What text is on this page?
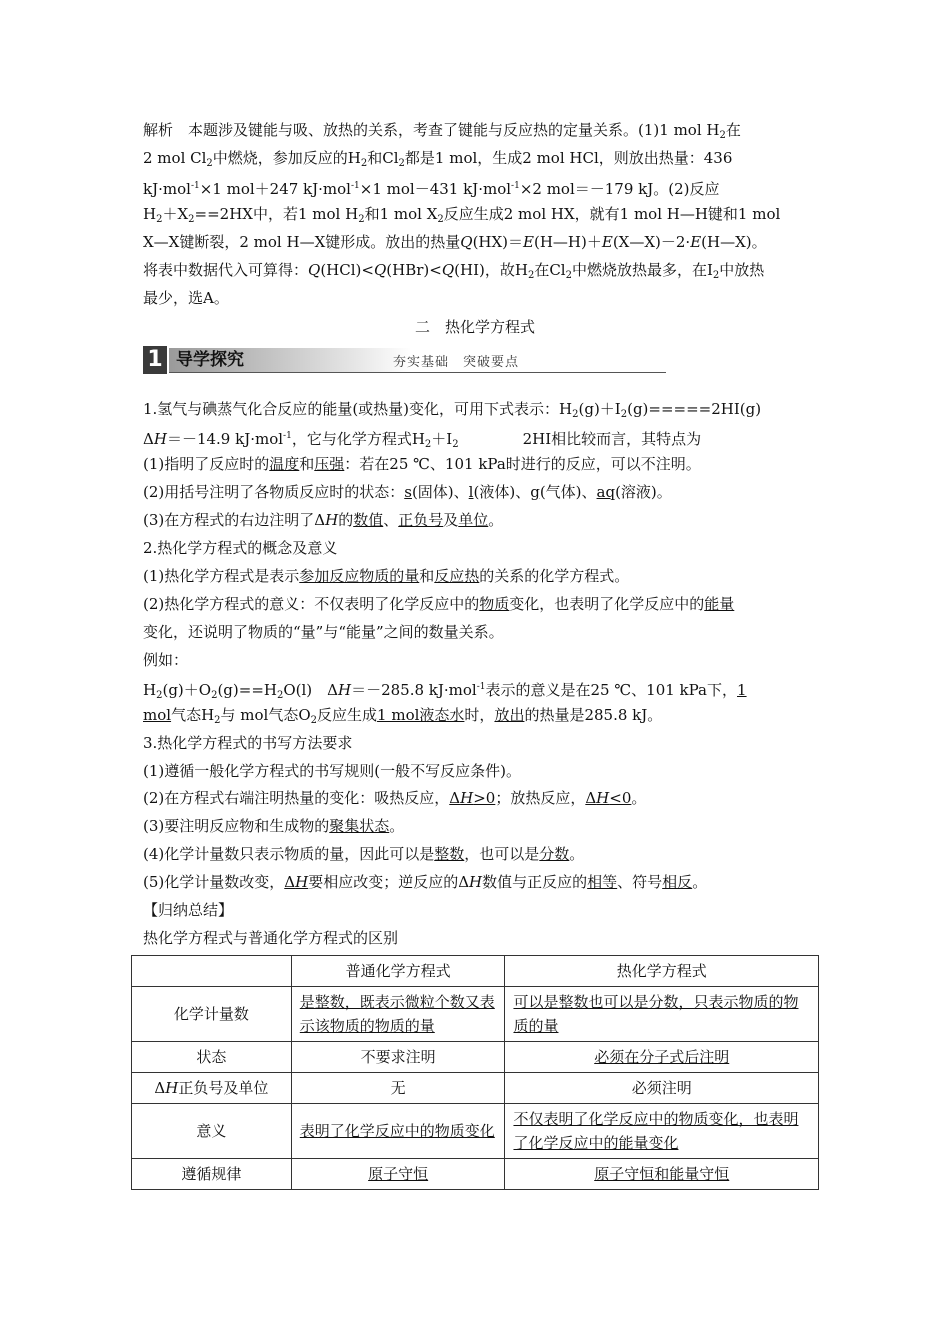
解析　本题涉及键能与吸、放热的关系，考查了键能与反应热的定量关系。(1)1 mol $H_2$在
2 mol $Cl_2$中燃烧，参加反应的$H_2$和$Cl_2$都是1 mol，生成2 mol HCl，则放出热量：436
kJ·mol$^{-1}$×1 mol＋247 kJ·mol$^{-1}$×1 mol－431 kJ·mol$^{-1}$×2 mol＝－179 kJ。(2)反应
$H_2+X_2==2HX$中，若1 mol $H_2$和1 mol $X_2$反应生成2 mol HX，就有1 mol H—H键和1 mol
X—X键断裂，2 mol H—X键形成。放出的热量Q(HX)＝E(H—H)＋E(X—X)－2·E(H—X)。
将表中数据代入可算得：Q(HCl)<Q(HBr)<Q(HI)，故$H_2$在$Cl_2$中燃烧放热最多，在$I_2$中放热
最少，选A。
二　热化学方程式
1 导学探究	夯实基础　突破要点
1.氢气与碘蒸气化合反应的能量(或热量)变化，可用下式表示：$H_2(g)+I_2(g)=====2HI(g)$
ΔH＝－14.9 kJ·mol$^{-1}$，它与化学方程式$H_2+I_2$	2HI相比较而言，其特点为
(1)指明了反应时的温度和压强：若在25 ℃、101 kPa时进行的反应，可以不注明。
(2)用括号注明了各物质反应时的状态：s(固体)、l(液体)、g(气体)、aq(溶液)。
(3)在方程式的右边注明了ΔH的数值、正负号及单位。
2.热化学方程式的概念及意义
(1)热化学方程式是表示参加反应物质的量和反应热的关系的化学方程式。
(2)热化学方程式的意义：不仅表明了化学反应中的物质变化，也表明了化学反应中的能量
变化，还说明了物质的“量”与“能量”之间的数量关系。
例如：
$H_2(g)+O_2(g)==H_2O(l)$　ΔH＝－285.8 kJ·mol$^{-1}$表示的意义是在25 ℃、101 kPa下，1
mol气态$H_2$与 mol气态$O_2$反应生成1 mol液态水时，放出的热量是285.8 kJ。
3.热化学方程式的书写方法要求
(1)遵循一般化学方程式的书写规则(一般不写反应条件)。
(2)在方程式右端注明热量的变化：吸热反应，ΔH>0；放热反应，ΔH<0。
(3)要注明反应物和生成物的聚集状态。
(4)化学计量数只表示物质的量，因此可以是整数，也可以是分数。
(5)化学计量数改变，ΔH要相应改变；逆反应的ΔH数值与正反应的相等、符号相反。
【归纳总结】
热化学方程式与普通化学方程式的区别
	普通化学方程式	热化学方程式
化学计量数	是整数，既表示微粒个数又表示该物质的物质的量	可以是整数也可以是分数，只表示物质的物质的量
状态	不要求注明	必须在分子式后注明
ΔH正负号及单位	无	必须注明
意义	表明了化学反应中的物质变化	不仅表明了化学反应中的物质变化，也表明了化学反应中的能量变化
遵循规律	原子守恒	原子守恒和能量守恒
